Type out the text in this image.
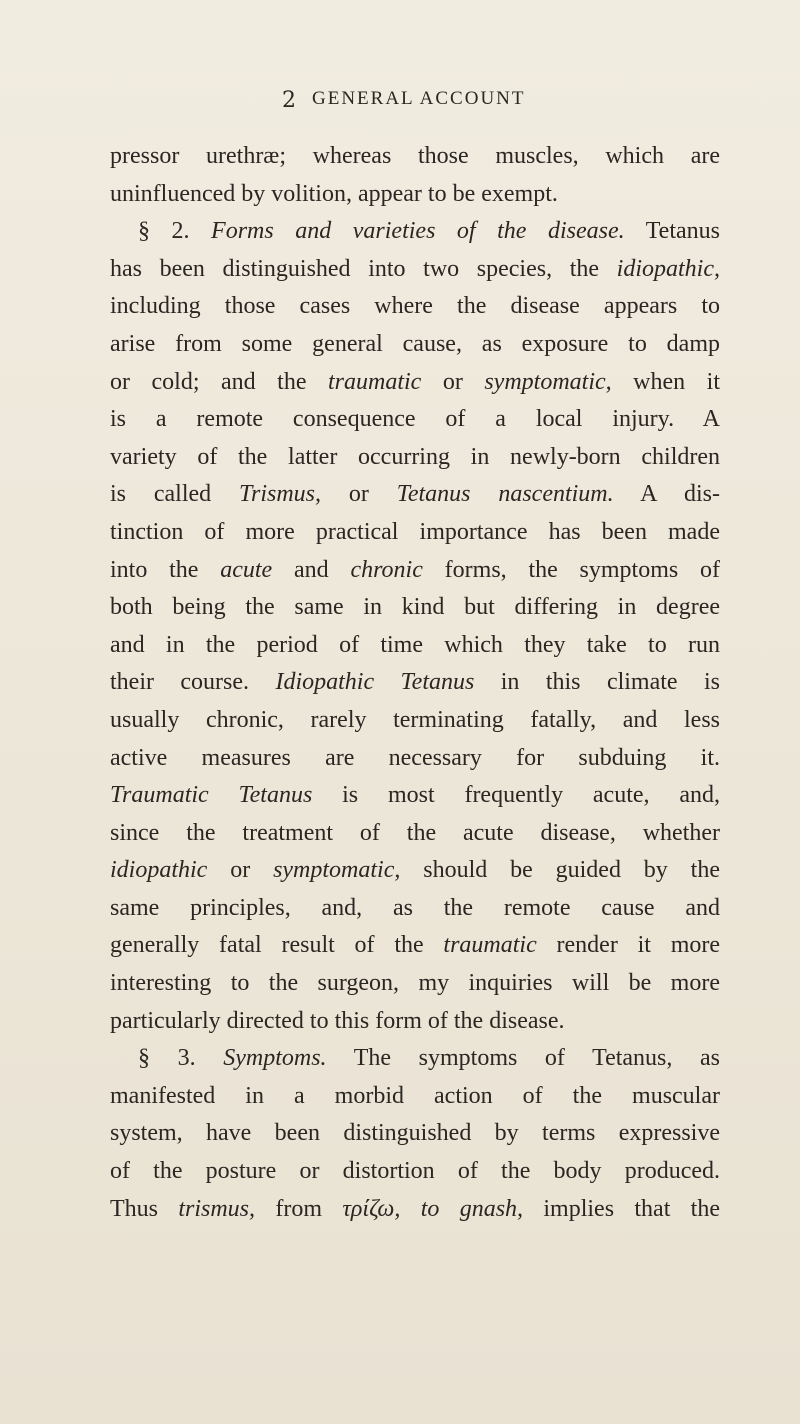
2 GENERAL ACCOUNT
pressor urethræ; whereas those muscles, which are
uninfluenced by volition, appear to be exempt.
§ 2. Forms and varieties of the disease. Tetanus
has been distinguished into two species, the idiopathic,
including those cases where the disease appears to
arise from some general cause, as exposure to damp
or cold; and the traumatic or symptomatic, when it
is a remote consequence of a local injury. A
variety of the latter occurring in newly-born children
is called Trismus, or Tetanus nascentium. A dis-
tinction of more practical importance has been made
into the acute and chronic forms, the symptoms of
both being the same in kind but differing in degree
and in the period of time which they take to run
their course. Idiopathic Tetanus in this climate is
usually chronic, rarely terminating fatally, and less
active measures are necessary for subduing it.
Traumatic Tetanus is most frequently acute, and,
since the treatment of the acute disease, whether
idiopathic or symptomatic, should be guided by the
same principles, and, as the remote cause and
generally fatal result of the traumatic render it more
interesting to the surgeon, my inquiries will be more
particularly directed to this form of the disease.
§ 3. Symptoms. The symptoms of Tetanus, as
manifested in a morbid action of the muscular
system, have been distinguished by terms expressive
of the posture or distortion of the body produced.
Thus trismus, from τρίζω, to gnash, implies that the
